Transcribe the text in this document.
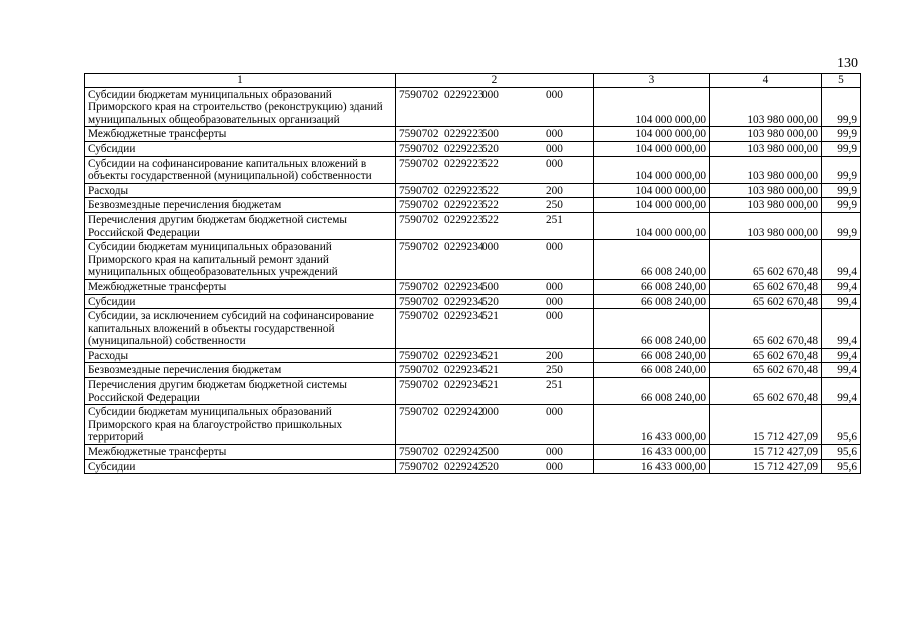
130
1	2	3	4	5
Субсидии бюджетам муниципальных образований Приморского края на строительство (реконструкцию) зданий муниципальных общеобразовательных организаций	7590702 0229223000 000	104 000 000,00	103 980 000,00	99,9
Межбюджетные трансферты	7590702 0229223500 000	104 000 000,00	103 980 000,00	99,9
Субсидии	7590702 0229223520 000	104 000 000,00	103 980 000,00	99,9
Субсидии на софинансирование капитальных вложений в объекты государственной (муниципальной) собственности	7590702 0229223522 000	104 000 000,00	103 980 000,00	99,9
Расходы	7590702 0229223522 200	104 000 000,00	103 980 000,00	99,9
Безвозмездные перечисления бюджетам	7590702 0229223522 250	104 000 000,00	103 980 000,00	99,9
Перечисления другим бюджетам бюджетной системы Российской Федерации	7590702 0229223522 251	104 000 000,00	103 980 000,00	99,9
Субсидии бюджетам муниципальных образований Приморского края на капитальный ремонт зданий муниципальных общеобразовательных учреждений	7590702 0229234000 000	66 008 240,00	65 602 670,48	99,4
Межбюджетные трансферты	7590702 0229234500 000	66 008 240,00	65 602 670,48	99,4
Субсидии	7590702 0229234520 000	66 008 240,00	65 602 670,48	99,4
Субсидии, за исключением субсидий на софинансирование капитальных вложений в объекты государственной (муниципальной) собственности	7590702 0229234521 000	66 008 240,00	65 602 670,48	99,4
Расходы	7590702 0229234521 200	66 008 240,00	65 602 670,48	99,4
Безвозмездные перечисления бюджетам	7590702 0229234521 250	66 008 240,00	65 602 670,48	99,4
Перечисления другим бюджетам бюджетной системы Российской Федерации	7590702 0229234521 251	66 008 240,00	65 602 670,48	99,4
Субсидии бюджетам муниципальных образований Приморского края на благоустройство пришкольных территорий	7590702 0229242000 000	16 433 000,00	15 712 427,09	95,6
Межбюджетные трансферты	7590702 0229242500 000	16 433 000,00	15 712 427,09	95,6
Субсидии	7590702 0229242520 000	16 433 000,00	15 712 427,09	95,6
